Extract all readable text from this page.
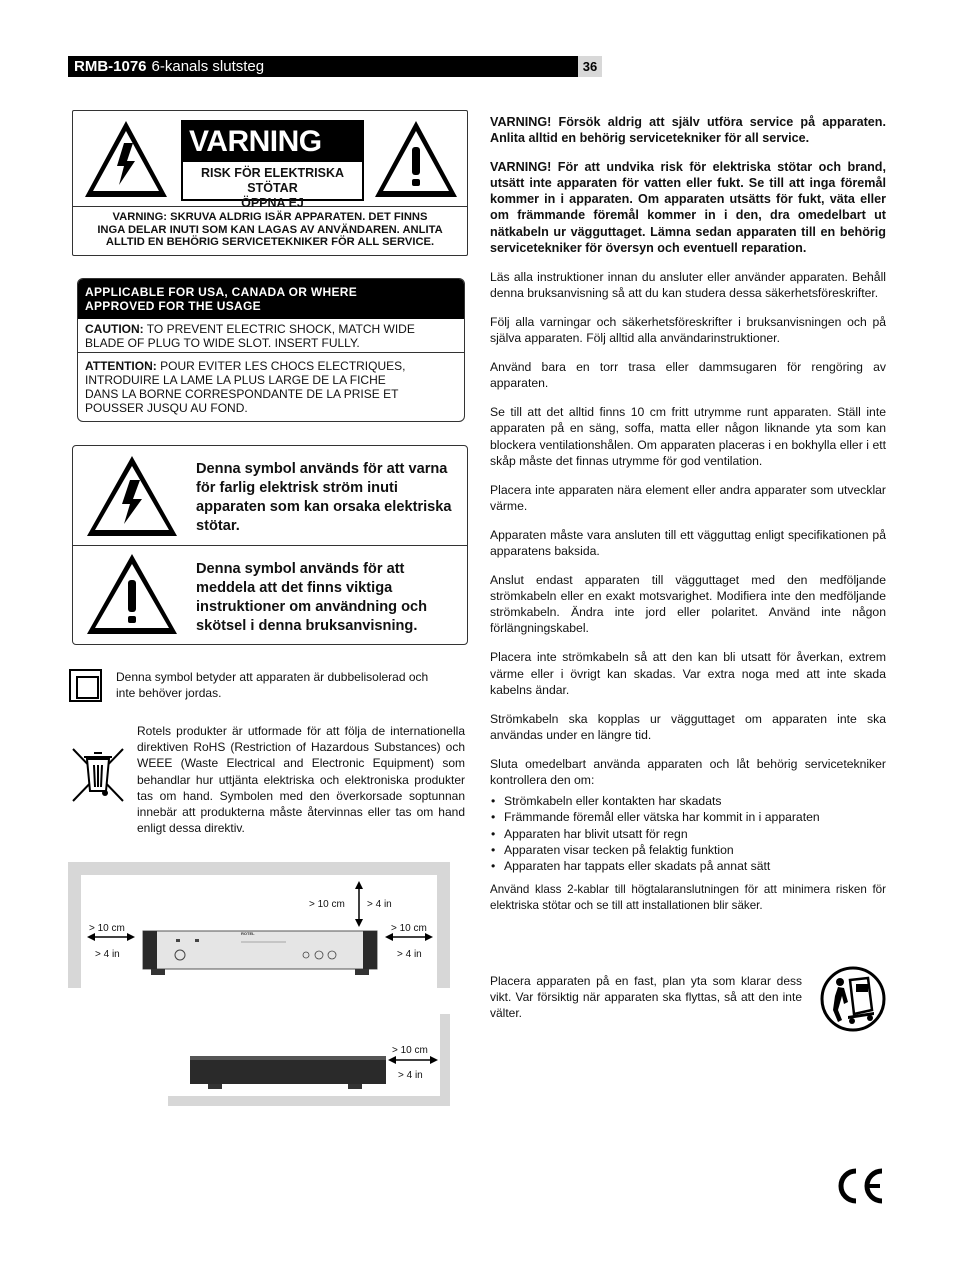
RMB-1076 6-kanals slutsteg	36
VARNING
RISK FÖR ELEKTRISKA STÖTAR
ÖPPNA EJ
VARNING: SKRUVA ALDRIG ISÄR APPARATEN. DET FINNS
INGA DELAR INUTI SOM KAN LAGAS AV ANVÄNDAREN. ANLITA
ALLTID EN BEHÖRIG SERVICETEKNIKER FÖR ALL SERVICE.
APPLICABLE FOR USA, CANADA OR WHERE
APPROVED FOR THE USAGE
CAUTION: TO PREVENT ELECTRIC SHOCK, MATCH WIDE BLADE OF PLUG TO WIDE SLOT. INSERT FULLY.
ATTENTION: POUR EVITER LES CHOCS ELECTRIQUES,
INTRODUIRE LA LAME LA PLUS LARGE DE LA FICHE
DANS LA BORNE CORRESPONDANTE DE LA PRISE ET
POUSSER JUSQU AU FOND.
Denna symbol används för att varna för farlig elektrisk ström inuti apparaten som kan orsaka elektriska stötar.
Denna symbol används för att meddela att det finns viktiga instruktioner om användning och skötsel i denna bruksanvisning.
Denna symbol betyder att apparaten är dubbelisolerad och inte behöver jordas.
Rotels produkter är utformade för att följa de internationella direktiven RoHS (Restriction of Hazardous Substances) och WEEE (Waste Electrical and Electronic Equipment) som behandlar hur uttjänta elektriska och elektroniska produkter tas om hand. Symbolen med den överkorsade soptunnan innebär att produkterna måste återvinnas eller tas om hand enligt dessa direktiv.
> 10 cm > 4 in
> 10 cm
> 4 in
> 10 cm
> 4 in
ROTEL
> 10 cm
> 4 in

VARNING! Försök aldrig att själv utföra service på apparaten. Anlita alltid en behörig servicetekniker för all service.

VARNING! För att undvika risk för elektriska stötar och brand, utsätt inte apparaten för vatten eller fukt. Se till att inga föremål kommer in i apparaten. Om apparaten utsätts för fukt, väta eller om främmande föremål kommer in i den, dra omedelbart ut nätkabeln ur vägguttaget. Lämna sedan apparaten till en behörig servicetekniker för översyn och eventuell reparation.

Läs alla instruktioner innan du ansluter eller använder apparaten. Behåll denna bruksanvisning så att du kan studera dessa säkerhetsföreskrifter.

Följ alla varningar och säkerhetsföreskrifter i bruksanvisningen och på själva apparaten. Följ alltid alla användarinstruktioner.

Använd bara en torr trasa eller dammsugaren för rengöring av apparaten.

Se till att det alltid finns 10 cm fritt utrymme runt apparaten. Ställ inte apparaten på en säng, soffa, matta eller någon liknande yta som kan blockera ventilationshålen. Om apparaten placeras i en bokhylla eller i ett skåp måste det finnas utrymme för god ventilation.

Placera inte apparaten nära element eller andra apparater som utvecklar värme.

Apparaten måste vara ansluten till ett vägguttag enligt specifikationen på apparatens baksida.

Anslut endast apparaten till vägguttaget med den medföljande strömkabeln eller en exakt motsvarighet. Modifiera inte den medföljande strömkabeln. Ändra inte jord eller polaritet. Använd inte någon förlängningskabel.

Placera inte strömkabeln så att den kan bli utsatt för åverkan, extrem värme eller i övrigt kan skadas. Var extra noga med att inte skada kabelns ändar.

Strömkabeln ska kopplas ur vägguttaget om apparaten inte ska användas under en längre tid.

Sluta omedelbart använda apparaten och låt behörig servicetekniker kontrollera den om:

• Strömkabeln eller kontakten har skadats
• Främmande föremål eller vätska har kommit in i apparaten
• Apparaten har blivit utsatt för regn
• Apparaten visar tecken på felaktig funktion
• Apparaten har tappats eller skadats på annat sätt

Använd klass 2-kablar till högtalaranslutningen för att minimera risken för elektriska stötar och se till att installationen blir säker.

Placera apparaten på en fast, plan yta som klarar dess vikt. Var försiktig när apparaten ska flyttas, så att den inte välter.
